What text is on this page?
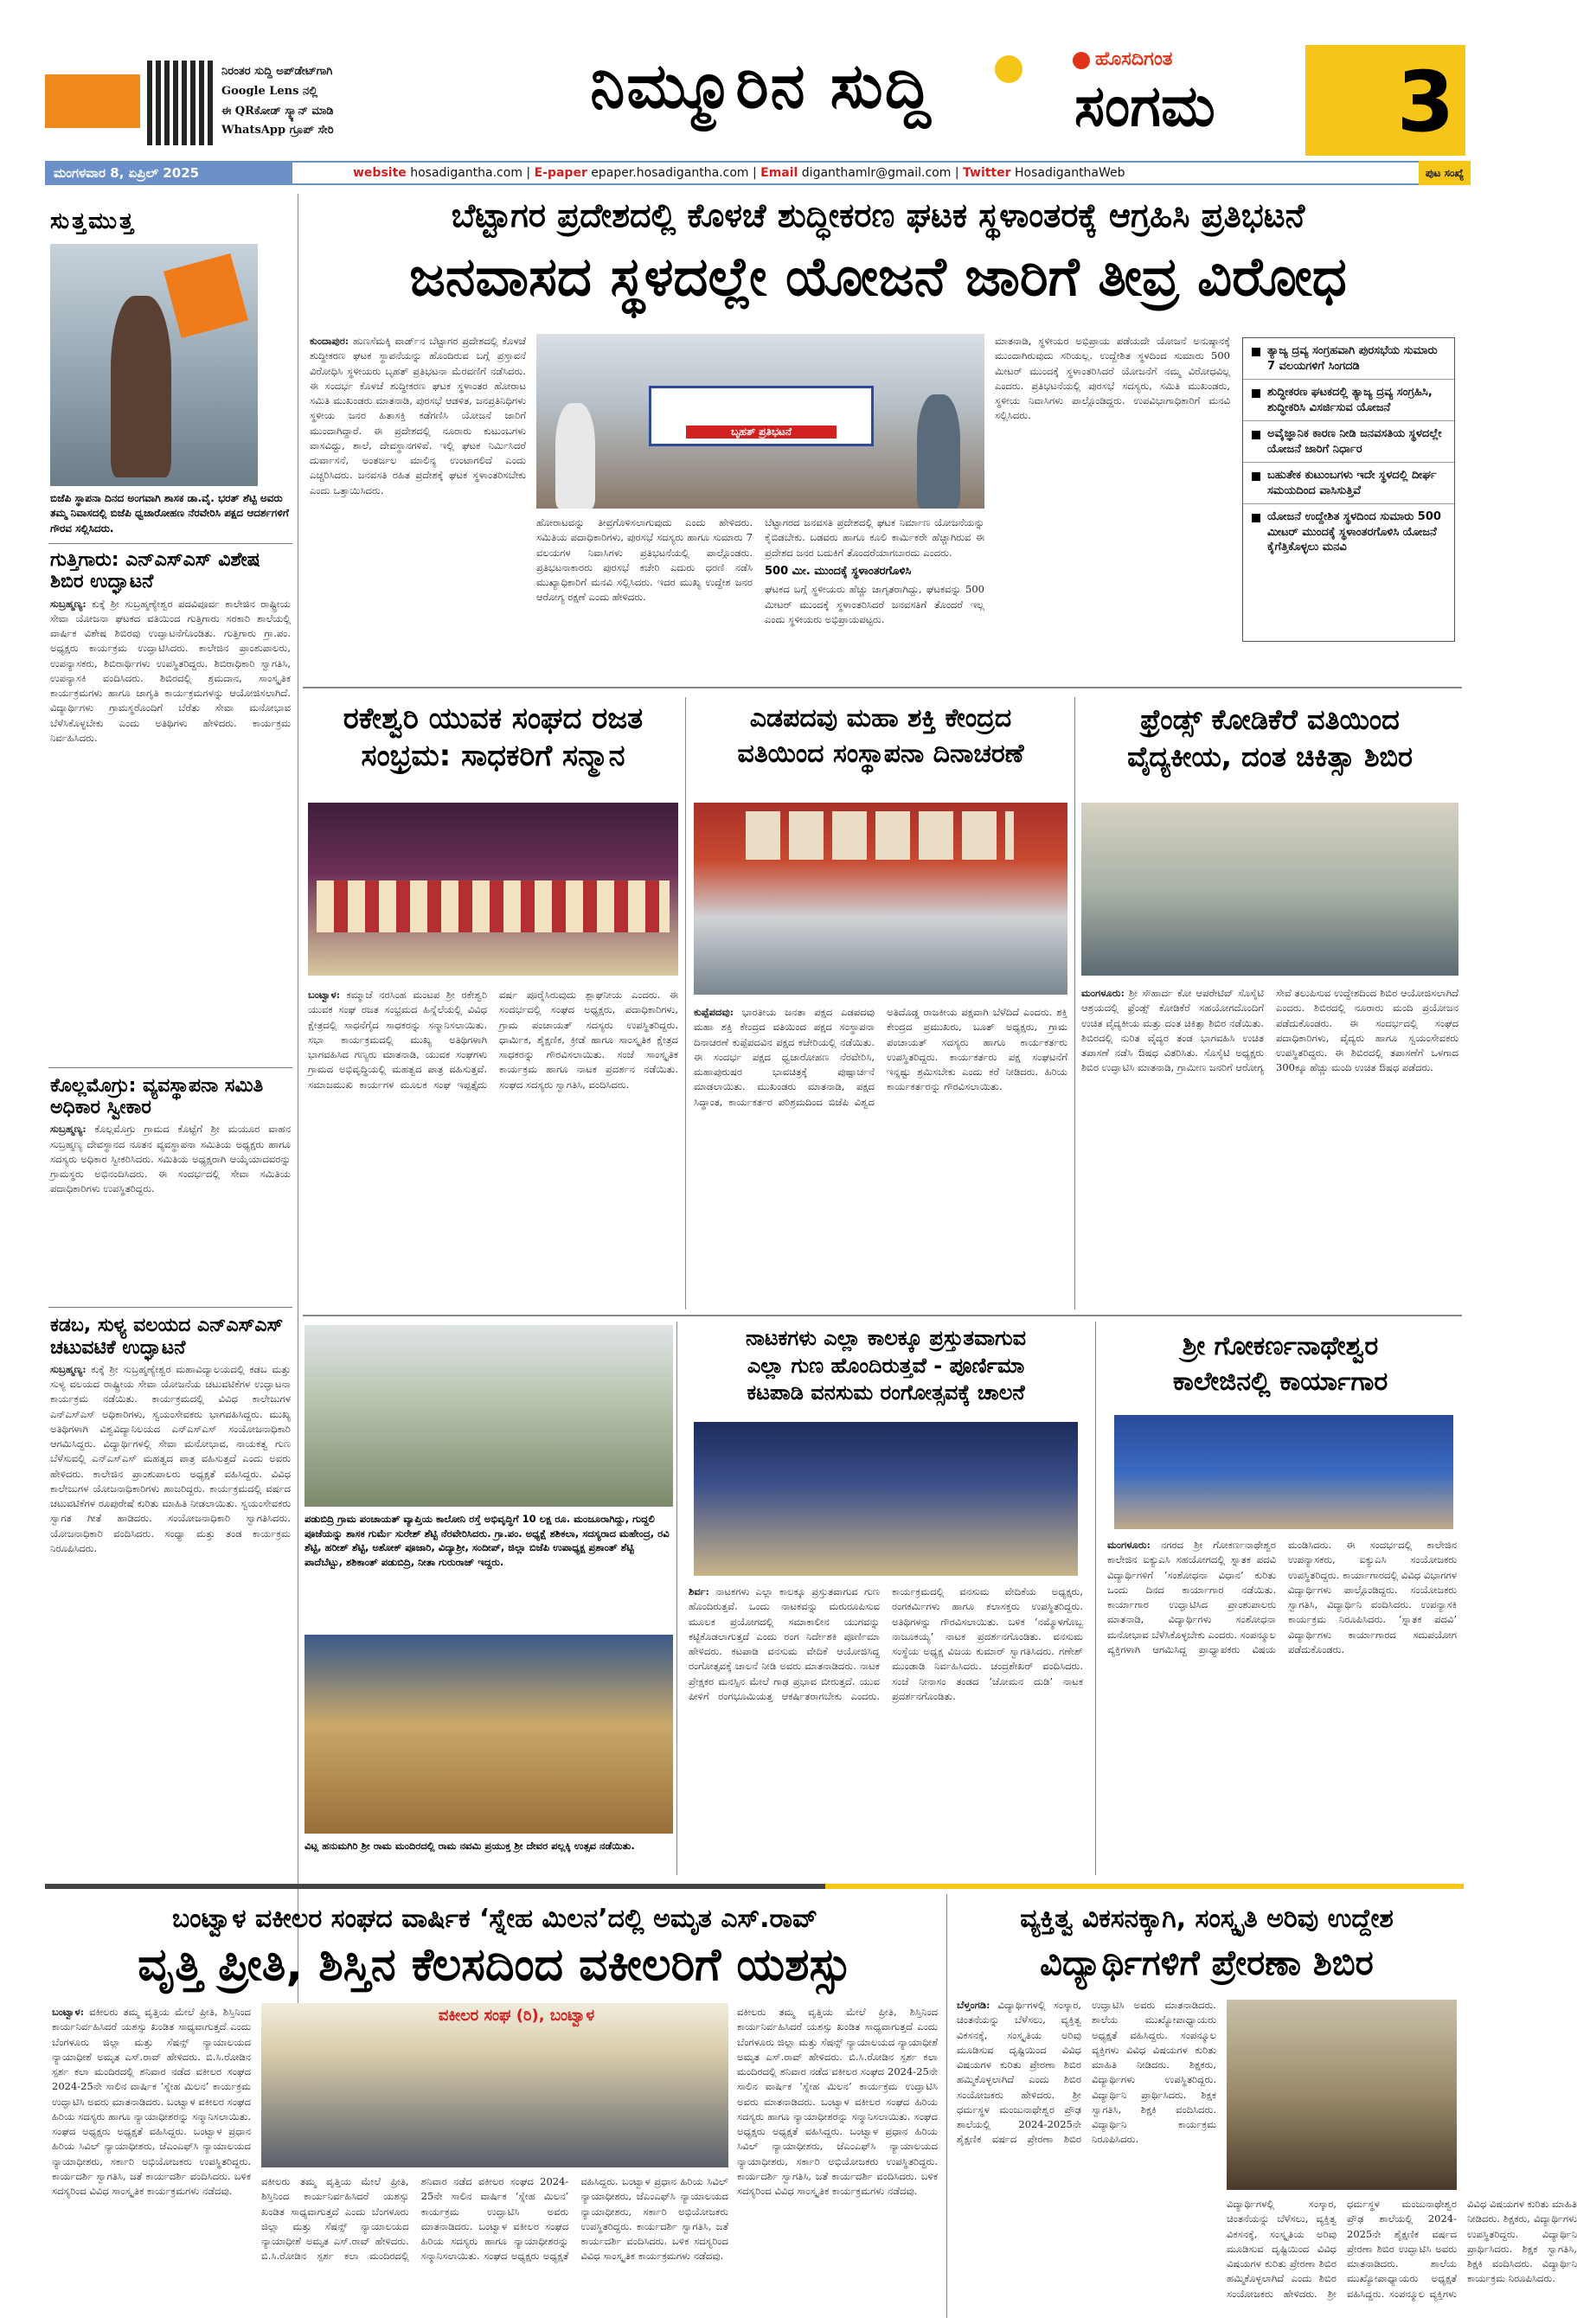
ನಿರಂತರ ಸುದ್ದಿ ಅಪ್‌ಡೇಟ್‌ಗಾಗಿ
Google Lens ನಲ್ಲಿ
ಈ QRಕೋಡ್ ಸ್ಕ್ಯಾನ್ ಮಾಡಿ
WhatsApp ಗ್ರೂಪ್ ಸೇರಿ
ನಿಮ್ಮೂರಿನ ಸುದ್ದಿ	ಹೊಸದಿಗಂತ
ಸಂಗಮ 3
ಮಂಗಳವಾರ 8, ಏಪ್ರಿಲ್ 2025	website hosadigantha.com | E-paper epaper.hosadigantha.com | Email diganthamlr@gmail.com | Twitter HosadiganthaWeb	ಪುಟ ಸಂಖ್ಯೆ
ಸುತ್ತಮುತ್ತ
ಬಿಜೆಪಿ ಸ್ಥಾಪನಾ ದಿನದ ಅಂಗವಾಗಿ ಶಾಸಕ ಡಾ.ವೈ. ಭರತ್ ಶೆಟ್ಟಿ ಅವರು ತಮ್ಮ ನಿವಾಸದಲ್ಲಿ ಬಿಜೆಪಿ ಧ್ವಜಾರೋಹಣ ನೆರವೇರಿಸಿ ಪಕ್ಷದ ಆದರ್ಶಗಳಿಗೆ ಗೌರವ ಸಲ್ಲಿಸಿದರು.
ಗುತ್ತಿಗಾರು: ಎನ್ಎಸ್ಎಸ್ ವಿಶೇಷ ಶಿಬಿರ ಉದ್ಘಾಟನೆ
ಸುಬ್ರಹ್ಮಣ್ಯ: ಕುಕ್ಕೆ ಶ್ರೀ ಸುಬ್ರಹ್ಮಣ್ಯೇಶ್ವರ ಪದವಿಪೂರ್ವ ಕಾಲೇಜಿನ ರಾಷ್ಟ್ರೀಯ ಸೇವಾ ಯೋಜನಾ ಘಟಕದ ವತಿಯಿಂದ ಗುತ್ತಿಗಾರು ಸರಕಾರಿ ಶಾಲೆಯಲ್ಲಿ ವಾರ್ಷಿಕ ವಿಶೇಷ ಶಿಬಿರವು ಉದ್ಘಾಟನೆಗೊಂಡಿತು. ಗುತ್ತಿಗಾರು ಗ್ರಾ.ಪಂ. ಅಧ್ಯಕ್ಷರು ಕಾರ್ಯಕ್ರಮ ಉದ್ಘಾಟಿಸಿದರು. ಕಾಲೇಜಿನ ಪ್ರಾಂಶುಪಾಲರು, ಉಪನ್ಯಾಸಕರು, ಶಿಬಿರಾರ್ಥಿಗಳು ಉಪಸ್ಥಿತರಿದ್ದರು. ಶಿಬಿರಾಧಿಕಾರಿ ಸ್ವಾಗತಿಸಿ, ಉಪನ್ಯಾಸಕಿ ವಂದಿಸಿದರು. ಶಿಬಿರದಲ್ಲಿ ಶ್ರಮದಾನ, ಸಾಂಸ್ಕೃತಿಕ ಕಾರ್ಯಕ್ರಮಗಳು ಹಾಗೂ ಜಾಗೃತಿ ಕಾರ್ಯಕ್ರಮಗಳನ್ನು ಆಯೋಜಿಸಲಾಗಿದೆ. ವಿದ್ಯಾರ್ಥಿಗಳು ಗ್ರಾಮಸ್ಥರೊಂದಿಗೆ ಬೆರೆತು ಸೇವಾ ಮನೋಭಾವ ಬೆಳೆಸಿಕೊಳ್ಳಬೇಕು ಎಂದು ಅತಿಥಿಗಳು ಹೇಳಿದರು. ಕಾರ್ಯಕ್ರಮ ನಿರ್ವಹಿಸಿದರು.
ಕೊಲ್ಲಮೊಗ್ರು: ವ್ಯವಸ್ಥಾಪನಾ ಸಮಿತಿ ಅಧಿಕಾರ ಸ್ವೀಕಾರ
ಸುಬ್ರಹ್ಮಣ್ಯ: ಕೊಲ್ಲಮೊಗ್ರು ಗ್ರಾಮದ ಕೊಟ್ಟೆಗೆ ಶ್ರೀ ಮಯೂರ ವಾಹನ ಸುಬ್ರಹ್ಮಣ್ಯ ದೇವಸ್ಥಾನದ ನೂತನ ವ್ಯವಸ್ಥಾಪನಾ ಸಮಿತಿಯ ಅಧ್ಯಕ್ಷರು ಹಾಗೂ ಸದಸ್ಯರು ಅಧಿಕಾರ ಸ್ವೀಕರಿಸಿದರು. ಸಮಿತಿಯ ಅಧ್ಯಕ್ಷರಾಗಿ ಆಯ್ಕೆಯಾದವರನ್ನು ಗ್ರಾಮಸ್ಥರು ಅಭಿನಂದಿಸಿದರು. ಈ ಸಂದರ್ಭದಲ್ಲಿ ಸೇವಾ ಸಮಿತಿಯ ಪದಾಧಿಕಾರಿಗಳು ಉಪಸ್ಥಿತರಿದ್ದರು.
ಕಡಬ, ಸುಳ್ಯ ವಲಯದ ಎನ್ಎಸ್ಎಸ್ ಚಟುವಟಿಕೆ ಉದ್ಘಾಟನೆ
ಸುಬ್ರಹ್ಮಣ್ಯ: ಕುಕ್ಕೆ ಶ್ರೀ ಸುಬ್ರಹ್ಮಣ್ಯೇಶ್ವರ ಮಹಾವಿದ್ಯಾಲಯದಲ್ಲಿ ಕಡಬ ಮತ್ತು ಸುಳ್ಯ ವಲಯದ ರಾಷ್ಟ್ರೀಯ ಸೇವಾ ಯೋಜನೆಯ ಚಟುವಟಿಕೆಗಳ ಉದ್ಘಾಟನಾ ಕಾರ್ಯಕ್ರಮ ನಡೆಯಿತು. ಕಾರ್ಯಕ್ರಮದಲ್ಲಿ ವಿವಿಧ ಕಾಲೇಜುಗಳ ಎನ್ಎಸ್ಎಸ್ ಅಧಿಕಾರಿಗಳು, ಸ್ವಯಂಸೇವಕರು ಭಾಗವಹಿಸಿದ್ದರು. ಮುಖ್ಯ ಅತಿಥಿಗಳಾಗಿ ವಿಶ್ವವಿದ್ಯಾನಿಲಯದ ಎನ್ಎಸ್ಎಸ್ ಸಂಯೋಜನಾಧಿಕಾರಿ ಆಗಮಿಸಿದ್ದರು. ವಿದ್ಯಾರ್ಥಿಗಳಲ್ಲಿ ಸೇವಾ ಮನೋಭಾವ, ನಾಯಕತ್ವ ಗುಣ ಬೆಳೆಸುವಲ್ಲಿ ಎನ್ಎಸ್ಎಸ್ ಮಹತ್ವದ ಪಾತ್ರ ವಹಿಸುತ್ತದೆ ಎಂದು ಅವರು ಹೇಳಿದರು. ಕಾಲೇಜಿನ ಪ್ರಾಂಶುಪಾಲರು ಅಧ್ಯಕ್ಷತೆ ವಹಿಸಿದ್ದರು. ವಿವಿಧ ಕಾಲೇಜುಗಳ ಯೋಜನಾಧಿಕಾರಿಗಳು ಹಾಜರಿದ್ದರು. ಕಾರ್ಯಕ್ರಮದಲ್ಲಿ ವರ್ಷದ ಚಟುವಟಿಕೆಗಳ ರೂಪುರೇಷೆ ಕುರಿತು ಮಾಹಿತಿ ನೀಡಲಾಯಿತು. ಸ್ವಯಂಸೇವಕರು ಸ್ವಾಗತ ಗೀತೆ ಹಾಡಿದರು. ಸಂಯೋಜನಾಧಿಕಾರಿ ಸ್ವಾಗತಿಸಿದರು. ಯೋಜನಾಧಿಕಾರಿ ವಂದಿಸಿದರು. ಸಂಧ್ಯಾ ಮತ್ತು ತಂಡ ಕಾರ್ಯಕ್ರಮ ನಿರೂಪಿಸಿದರು.
ಬೆಟ್ಟಾಗರ ಪ್ರದೇಶದಲ್ಲಿ ಕೊಳಚೆ ಶುದ್ಧೀಕರಣ ಘಟಕ ಸ್ಥಳಾಂತರಕ್ಕೆ ಆಗ್ರಹಿಸಿ ಪ್ರತಿಭಟನೆ
ಜನವಾಸದ ಸ್ಥಳದಲ್ಲೇ ಯೋಜನೆ ಜಾರಿಗೆ ತೀವ್ರ ವಿರೋಧ
ಕುಂದಾಪುರ: ಹುಣಸೆಮಕ್ಕಿ ವಾರ್ಡ್‌ನ ಬೆಟ್ಟಾಗರ ಪ್ರದೇಶದಲ್ಲಿ ಕೊಳಚೆ ಶುದ್ಧೀಕರಣ ಘಟಕ ಸ್ಥಾಪನೆಯನ್ನು ಹೊಂದಿರುವ ಬಗ್ಗೆ ಪ್ರಸ್ತಾವನೆ ವಿರೋಧಿಸಿ ಸ್ಥಳೀಯರು ಬೃಹತ್ ಪ್ರತಿಭಟನಾ ಮೆರವಣಿಗೆ ನಡೆಸಿದರು. ಈ ಸಂದರ್ಭ ಕೊಳಚೆ ಶುದ್ಧೀಕರಣ ಘಟಕ ಸ್ಥಳಾಂತರ ಹೋರಾಟ ಸಮಿತಿ ಮುಖಂಡರು ಮಾತನಾಡಿ, ಪುರಸಭೆ ಆಡಳಿತ, ಜನಪ್ರತಿನಿಧಿಗಳು ಸ್ಥಳೀಯ ಜನರ ಹಿತಾಸಕ್ತಿ ಕಡೆಗಣಿಸಿ ಯೋಜನೆ ಜಾರಿಗೆ ಮುಂದಾಗಿದ್ದಾರೆ. ಈ ಪ್ರದೇಶದಲ್ಲಿ ನೂರಾರು ಕುಟುಂಬಗಳು ವಾಸವಿದ್ದು, ಶಾಲೆ, ದೇವಸ್ಥಾನಗಳಿವೆ. ಇಲ್ಲಿ ಘಟಕ ನಿರ್ಮಿಸಿದರೆ ದುರ್ವಾಸನೆ, ಅಂತರ್ಜಲ ಮಾಲಿನ್ಯ ಉಂಟಾಗಲಿದೆ ಎಂದು ಎಚ್ಚರಿಸಿದರು. ಜನವಸತಿ ರಹಿತ ಪ್ರದೇಶಕ್ಕೆ ಘಟಕ ಸ್ಥಳಾಂತರಿಸಬೇಕು ಎಂದು ಒತ್ತಾಯಿಸಿದರು.
ಬೃಹತ್ ಪ್ರತಿಭಟನೆ
ಹೋರಾಟವನ್ನು ತೀವ್ರಗೊಳಿಸಲಾಗುವುದು ಎಂದು ಹೇಳಿದರು. ಸಮಿತಿಯ ಪದಾಧಿಕಾರಿಗಳು, ಪುರಸಭೆ ಸದಸ್ಯರು ಹಾಗೂ ಸುಮಾರು 7 ವಲಯಗಳ ನಿವಾಸಿಗಳು ಪ್ರತಿಭಟನೆಯಲ್ಲಿ ಪಾಲ್ಗೊಂಡರು. ಪ್ರತಿಭಟನಾಕಾರರು ಪುರಸಭೆ ಕಚೇರಿ ಎದುರು ಧರಣಿ ನಡೆಸಿ ಮುಖ್ಯಾಧಿಕಾರಿಗೆ ಮನವಿ ಸಲ್ಲಿಸಿದರು. ಇದರ ಮುಖ್ಯ ಉದ್ದೇಶ ಜನರ ಆರೋಗ್ಯ ರಕ್ಷಣೆ ಎಂದು ಹೇಳಿದರು.
ಬೆಟ್ಟಾಗರದ ಜನವಸತಿ ಪ್ರದೇಶದಲ್ಲಿ ಘಟಕ ನಿರ್ಮಾಣ ಯೋಜನೆಯನ್ನು ಕೈಬಿಡಬೇಕು. ಬಡವರು ಹಾಗೂ ಕೂಲಿ ಕಾರ್ಮಿಕರೇ ಹೆಚ್ಚಾಗಿರುವ ಈ ಪ್ರದೇಶದ ಜನರ ಬದುಕಿಗೆ ತೊಂದರೆಯಾಗಬಾರದು ಎಂದರು.
500 ಮೀ. ಮುಂದಕ್ಕೆ ಸ್ಥಳಾಂತರಗೊಳಿಸಿ
ಘಟಕದ ಬಗ್ಗೆ ಸ್ಥಳೀಯರು ಹೆಚ್ಚು ಜಾಗೃತರಾಗಿದ್ದು, ಘಟಕವನ್ನು 500 ಮೀಟರ್ ಮುಂದಕ್ಕೆ ಸ್ಥಳಾಂತರಿಸಿದರೆ ಜನವಸತಿಗೆ ತೊಂದರೆ ಇಲ್ಲ ಎಂದು ಸ್ಥಳೀಯರು ಅಭಿಪ್ರಾಯಪಟ್ಟರು.
ಮಾತನಾಡಿ, ಸ್ಥಳೀಯರ ಅಭಿಪ್ರಾಯ ಪಡೆಯದೇ ಯೋಜನೆ ಅನುಷ್ಠಾನಕ್ಕೆ ಮುಂದಾಗಿರುವುದು ಸರಿಯಲ್ಲ. ಉದ್ದೇಶಿತ ಸ್ಥಳದಿಂದ ಸುಮಾರು 500 ಮೀಟರ್ ಮುಂದಕ್ಕೆ ಸ್ಥಳಾಂತರಿಸಿದರೆ ಯೋಜನೆಗೆ ನಮ್ಮ ವಿರೋಧವಿಲ್ಲ ಎಂದರು. ಪ್ರತಿಭಟನೆಯಲ್ಲಿ ಪುರಸಭೆ ಸದಸ್ಯರು, ಸಮಿತಿ ಮುಖಂಡರು, ಸ್ಥಳೀಯ ನಿವಾಸಿಗಳು ಪಾಲ್ಗೊಂಡಿದ್ದರು. ಉಪವಿಭಾಗಾಧಿಕಾರಿಗೆ ಮನವಿ ಸಲ್ಲಿಸಿದರು.
ತ್ಯಾಜ್ಯ ದ್ರವ್ಯ ಸಂಗ್ರಹವಾಗಿ ಪುರಸಭೆಯ ಸುಮಾರು 7 ವಲಯಗಳಿಗೆ ಸಿಂಗದಡಿ
ಶುದ್ಧೀಕರಣ ಘಟಕದಲ್ಲಿ ತ್ಯಾಜ್ಯ ದ್ರವ್ಯ ಸಂಗ್ರಹಿಸಿ, ಶುದ್ಧೀಕರಿಸಿ ವಿಸರ್ಜಿಸುವ ಯೋಜನೆ
ಅವೈಜ್ಞಾನಿಕ ಕಾರಣ ನೀಡಿ ಜನವಸತಿಯ ಸ್ಥಳದಲ್ಲೇ ಯೋಜನೆ ಜಾರಿಗೆ ನಿರ್ಧಾರ
ಬಹುತೇಕ ಕುಟುಂಬಗಳು ಇದೇ ಸ್ಥಳದಲ್ಲಿ ದೀರ್ಘ ಸಮಯದಿಂದ ವಾಸಿಸುತ್ತಿವೆ
ಯೋಜನೆ ಉದ್ದೇಶಿತ ಸ್ಥಳದಿಂದ ಸುಮಾರು 500 ಮೀಟರ್ ಮುಂದಕ್ಕೆ ಸ್ಥಳಾಂತರಗೊಳಿಸಿ ಯೋಜನೆ ಕೈಗೆತ್ತಿಕೊಳ್ಳಲು ಮನವಿ
ರಕೇಶ್ವರಿ ಯುವಕ ಸಂಘದ ರಜತ
ಸಂಭ್ರಮ: ಸಾಧಕರಿಗೆ ಸನ್ಮಾನ
ಬಂಟ್ವಾಳ: ಕಮ್ಮಾಜೆ ನರಸಿಂಹ ಮಂಟಪ ಶ್ರೀ ರಕೇಶ್ವರಿ ಯುವಕ ಸಂಘ ರಜತ ಸಂಭ್ರಮದ ಹಿನ್ನೆಲೆಯಲ್ಲಿ ವಿವಿಧ ಕ್ಷೇತ್ರದಲ್ಲಿ ಸಾಧನೆಗೈದ ಸಾಧಕರನ್ನು ಸನ್ಮಾನಿಸಲಾಯಿತು. ಸಭಾ ಕಾರ್ಯಕ್ರಮದಲ್ಲಿ ಮುಖ್ಯ ಅತಿಥಿಗಳಾಗಿ ಭಾಗವಹಿಸಿದ ಗಣ್ಯರು ಮಾತನಾಡಿ, ಯುವಕ ಸಂಘಗಳು ಗ್ರಾಮದ ಅಭಿವೃದ್ಧಿಯಲ್ಲಿ ಮಹತ್ವದ ಪಾತ್ರ ವಹಿಸುತ್ತವೆ. ಸಮಾಜಮುಖಿ ಕಾರ್ಯಗಳ ಮೂಲಕ ಸಂಘ ಇಪ್ಪತ್ತೈದು ವರ್ಷ ಪೂರೈಸಿರುವುದು ಶ್ಲಾಘನೀಯ ಎಂದರು. ಈ ಸಂದರ್ಭದಲ್ಲಿ ಸಂಘದ ಅಧ್ಯಕ್ಷರು, ಪದಾಧಿಕಾರಿಗಳು, ಗ್ರಾಮ ಪಂಚಾಯತ್ ಸದಸ್ಯರು ಉಪಸ್ಥಿತರಿದ್ದರು. ಧಾರ್ಮಿಕ, ಶೈಕ್ಷಣಿಕ, ಕ್ರೀಡೆ ಹಾಗೂ ಸಾಂಸ್ಕೃತಿಕ ಕ್ಷೇತ್ರದ ಸಾಧಕರನ್ನು ಗೌರವಿಸಲಾಯಿತು. ಸಂಜೆ ಸಾಂಸ್ಕೃತಿಕ ಕಾರ್ಯಕ್ರಮ ಹಾಗೂ ನಾಟಕ ಪ್ರದರ್ಶನ ನಡೆಯಿತು. ಸಂಘದ ಸದಸ್ಯರು ಸ್ವಾಗತಿಸಿ, ವಂದಿಸಿದರು.
ಎಡಪದವು ಮಹಾ ಶಕ್ತಿ ಕೇಂದ್ರದ
ವತಿಯಿಂದ ಸಂಸ್ಥಾಪನಾ ದಿನಾಚರಣೆ
ಕುಪ್ಪೆಪದವು: ಭಾರತೀಯ ಜನತಾ ಪಕ್ಷದ ಎಡಪದವು ಮಹಾ ಶಕ್ತಿ ಕೇಂದ್ರದ ವತಿಯಿಂದ ಪಕ್ಷದ ಸಂಸ್ಥಾಪನಾ ದಿನಾಚರಣೆ ಕುಪ್ಪೆಪದವಿನ ಪಕ್ಷದ ಕಚೇರಿಯಲ್ಲಿ ನಡೆಯಿತು. ಈ ಸಂದರ್ಭ ಪಕ್ಷದ ಧ್ವಜಾರೋಹಣ ನೆರವೇರಿಸಿ, ಮಹಾಪುರುಷರ ಭಾವಚಿತ್ರಕ್ಕೆ ಪುಷ್ಪಾರ್ಚನೆ ಮಾಡಲಾಯಿತು. ಮುಖಂಡರು ಮಾತನಾಡಿ, ಪಕ್ಷದ ಸಿದ್ಧಾಂತ, ಕಾರ್ಯಕರ್ತರ ಪರಿಶ್ರಮದಿಂದ ಬಿಜೆಪಿ ವಿಶ್ವದ ಅತಿದೊಡ್ಡ ರಾಜಕೀಯ ಪಕ್ಷವಾಗಿ ಬೆಳೆದಿದೆ ಎಂದರು. ಶಕ್ತಿ ಕೇಂದ್ರದ ಪ್ರಮುಖರು, ಬೂತ್ ಅಧ್ಯಕ್ಷರು, ಗ್ರಾಮ ಪಂಚಾಯತ್ ಸದಸ್ಯರು ಹಾಗೂ ಕಾರ್ಯಕರ್ತರು ಉಪಸ್ಥಿತರಿದ್ದರು. ಕಾರ್ಯಕರ್ತರು ಪಕ್ಷ ಸಂಘಟನೆಗೆ ಇನ್ನಷ್ಟು ಶ್ರಮಿಸಬೇಕು ಎಂದು ಕರೆ ನೀಡಿದರು. ಹಿರಿಯ ಕಾರ್ಯಕರ್ತರನ್ನು ಗೌರವಿಸಲಾಯಿತು.
ಫ್ರೆಂಡ್ಸ್ ಕೋಡಿಕೆರೆ ವತಿಯಿಂದ
ವೈದ್ಯಕೀಯ, ದಂತ ಚಿಕಿತ್ಸಾ ಶಿಬಿರ
ಮಂಗಳೂರು: ಶ್ರೀ ಸೌಹಾರ್ದ ಕೋ ಆಪರೇಟಿವ್ ಸೊಸೈಟಿ ಆಶ್ರಯದಲ್ಲಿ ಫ್ರೆಂಡ್ಸ್ ಕೋಡಿಕೆರೆ ಸಹಯೋಗದೊಂದಿಗೆ ಉಚಿತ ವೈದ್ಯಕೀಯ ಮತ್ತು ದಂತ ಚಿಕಿತ್ಸಾ ಶಿಬಿರ ನಡೆಯಿತು. ಶಿಬಿರದಲ್ಲಿ ನುರಿತ ವೈದ್ಯರ ತಂಡ ಭಾಗವಹಿಸಿ ಉಚಿತ ತಪಾಸಣೆ ನಡೆಸಿ ಔಷಧ ವಿತರಿಸಿತು. ಸೊಸೈಟಿ ಅಧ್ಯಕ್ಷರು ಶಿಬಿರ ಉದ್ಘಾಟಿಸಿ ಮಾತನಾಡಿ, ಗ್ರಾಮೀಣ ಜನರಿಗೆ ಆರೋಗ್ಯ ಸೇವೆ ತಲುಪಿಸುವ ಉದ್ದೇಶದಿಂದ ಶಿಬಿರ ಆಯೋಜಿಸಲಾಗಿದೆ ಎಂದರು. ಶಿಬಿರದಲ್ಲಿ ನೂರಾರು ಮಂದಿ ಪ್ರಯೋಜನ ಪಡೆದುಕೊಂಡರು. ಈ ಸಂದರ್ಭದಲ್ಲಿ ಸಂಘದ ಪದಾಧಿಕಾರಿಗಳು, ವೈದ್ಯರು ಹಾಗೂ ಸ್ವಯಂಸೇವಕರು ಉಪಸ್ಥಿತರಿದ್ದರು. ಈ ಶಿಬಿರದಲ್ಲಿ ತಪಾಸಣೆಗೆ ಒಳಗಾದ 300ಕ್ಕೂ ಹೆಚ್ಚು ಮಂದಿ ಉಚಿತ ಔಷಧ ಪಡೆದರು.
ಪಡುಬಿದ್ರಿ ಗ್ರಾಮ ಪಂಚಾಯತ್ ವ್ಯಾಪ್ತಿಯ ಕಾಲೋನಿ ರಸ್ತೆ ಅಭಿವೃದ್ಧಿಗೆ 10 ಲಕ್ಷ ರೂ. ಮಂಜೂರಾಗಿದ್ದು, ಗುದ್ದಲಿ ಪೂಜೆಯನ್ನು ಶಾಸಕ ಗುರ್ಮೆ ಸುರೇಶ್ ಶೆಟ್ಟಿ ನೆರವೇರಿಸಿದರು. ಗ್ರಾ.ಪಂ. ಅಧ್ಯಕ್ಷೆ ಶಶಿಕಲಾ, ಸದಸ್ಯರಾದ ಮಹೇಂದ್ರ, ರವಿ ಶೆಟ್ಟಿ, ಹರೀಶ್ ಶೆಟ್ಟಿ, ಅಶೋಕ್ ಪೂಜಾರಿ, ವಿದ್ಯಾಶ್ರೀ, ಸಂದೀಪ್, ಜಿಲ್ಲಾ ಬಿಜೆಪಿ ಉಪಾಧ್ಯಕ್ಷ ಪ್ರಶಾಂತ್ ಶೆಟ್ಟಿ ಪಾದೆಬೆಟ್ಟು, ಶಶಿಕಾಂತ್ ಪಡುಬಿದ್ರಿ, ನೀತಾ ಗುರುರಾಜ್ ಇದ್ದರು.
ವಿಟ್ಲ ಹನುಮಗಿರಿ ಶ್ರೀ ರಾಮ ಮಂದಿರದಲ್ಲಿ ರಾಮ ನವಮಿ ಪ್ರಯುಕ್ತ ಶ್ರೀ ದೇವರ ಪಲ್ಲಕ್ಕಿ ಉತ್ಸವ ನಡೆಯಿತು.
ನಾಟಕಗಳು ಎಲ್ಲಾ ಕಾಲಕ್ಕೂ ಪ್ರಸ್ತುತವಾಗುವ
ಎಲ್ಲಾ ಗುಣ ಹೊಂದಿರುತ್ತವೆ - ಪೂರ್ಣಿಮಾ
ಕಟಪಾಡಿ ವನಸುಮ ರಂಗೋತ್ಸವಕ್ಕೆ ಚಾಲನೆ
ಶಿರ್ವ: ನಾಟಕಗಳು ಎಲ್ಲಾ ಕಾಲಕ್ಕೂ ಪ್ರಸ್ತುತವಾಗುವ ಗುಣ ಹೊಂದಿರುತ್ತವೆ. ಒಂದು ನಾಟಕವನ್ನು ಮರುರೂಪಿಸುವ ಮೂಲಕ ಪ್ರಯೋಗದಲ್ಲಿ ಸಮಾಕಾಲೀನ ಯುಗವನ್ನು ಕಟ್ಟಿಕೊಡಲಾಗುತ್ತದೆ ಎಂದು ರಂಗ ನಿರ್ದೇಶಕಿ ಪೂರ್ಣಿಮಾ ಹೇಳಿದರು. ಕಟಪಾಡಿ ವನಸುಮ ವೇದಿಕೆ ಆಯೋಜಿಸಿದ್ದ ರಂಗೋತ್ಸವಕ್ಕೆ ಚಾಲನೆ ನೀಡಿ ಅವರು ಮಾತನಾಡಿದರು. ನಾಟಕ ಪ್ರೇಕ್ಷಕರ ಮನಸ್ಸಿನ ಮೇಲೆ ಗಾಢ ಪ್ರಭಾವ ಬೀರುತ್ತದೆ. ಯುವ ಪೀಳಿಗೆ ರಂಗಭೂಮಿಯತ್ತ ಆಕರ್ಷಿತರಾಗಬೇಕು ಎಂದರು. ಕಾರ್ಯಕ್ರಮದಲ್ಲಿ ವನಸುಮ ವೇದಿಕೆಯ ಅಧ್ಯಕ್ಷರು, ರಂಗಕರ್ಮಿಗಳು ಹಾಗೂ ಕಲಾಸಕ್ತರು ಉಪಸ್ಥಿತರಿದ್ದರು. ಅತಿಥಿಗಳನ್ನು ಗೌರವಿಸಲಾಯಿತು. ಬಳಿಕ ‘ನಮ್ಮೊಳಗೊಬ್ಬ ನಾಜೂಕಯ್ಯ’ ನಾಟಕ ಪ್ರದರ್ಶನಗೊಂಡಿತು. ವನಸುಮ ಸಂಸ್ಥೆಯ ಅಧ್ಯಕ್ಷ ವಿಜಯ ಕುಮಾರ್ ಸ್ವಾಗತಿಸಿದರು. ಗಣೇಶ್ ಮುಂಡಾಡಿ ನಿರ್ವಹಿಸಿದರು. ಚಂದ್ರಶೇಖರ್ ವಂದಿಸಿದರು. ಸಂಜೆ ನೀನಾಸಂ ತಂಡದ ‘ಚೋಮನ ದುಡಿ’ ನಾಟಕ ಪ್ರದರ್ಶನಗೊಂಡಿತು.
ಶ್ರೀ ಗೋಕರ್ಣನಾಥೇಶ್ವರ
ಕಾಲೇಜಿನಲ್ಲಿ ಕಾರ್ಯಾಗಾರ
ಮಂಗಳೂರು: ನಗರದ ಶ್ರೀ ಗೋಕರ್ಣನಾಥೇಶ್ವರ ಕಾಲೇಜಿನ ಐಕ್ಯುಎಸಿ ಸಹಯೋಗದಲ್ಲಿ ಸ್ನಾತಕ ಪದವಿ ವಿದ್ಯಾರ್ಥಿಗಳಿಗೆ ‘ಸಂಶೋಧನಾ ವಿಧಾನ’ ಕುರಿತು ಒಂದು ದಿನದ ಕಾರ್ಯಾಗಾರ ನಡೆಯಿತು. ಕಾರ್ಯಾಗಾರ ಉದ್ಘಾಟಿಸಿದ ಪ್ರಾಂಶುಪಾಲರು ಮಾತನಾಡಿ, ವಿದ್ಯಾರ್ಥಿಗಳು ಸಂಶೋಧನಾ ಮನೋಭಾವ ಬೆಳೆಸಿಕೊಳ್ಳಬೇಕು ಎಂದರು. ಸಂಪನ್ಮೂಲ ವ್ಯಕ್ತಿಗಳಾಗಿ ಆಗಮಿಸಿದ್ದ ಪ್ರಾಧ್ಯಾಪಕರು ವಿಷಯ ಮಂಡಿಸಿದರು. ಈ ಸಂದರ್ಭದಲ್ಲಿ ಕಾಲೇಜಿನ ಉಪನ್ಯಾಸಕರು, ಐಕ್ಯುಎಸಿ ಸಂಯೋಜಕರು ಉಪಸ್ಥಿತರಿದ್ದರು. ಕಾರ್ಯಾಗಾರದಲ್ಲಿ ವಿವಿಧ ವಿಭಾಗಗಳ ವಿದ್ಯಾರ್ಥಿಗಳು ಪಾಲ್ಗೊಂಡಿದ್ದರು. ಸಂಯೋಜಕರು ಸ್ವಾಗತಿಸಿ, ವಿದ್ಯಾರ್ಥಿನಿ ವಂದಿಸಿದರು. ಉಪನ್ಯಾಸಕಿ ಕಾರ್ಯಕ್ರಮ ನಿರೂಪಿಸಿದರು. ‘ಸ್ನಾತಕ ಪದವಿ’ ವಿದ್ಯಾರ್ಥಿಗಳು ಕಾರ್ಯಾಗಾರದ ಸದುಪಯೋಗ ಪಡೆದುಕೊಂಡರು.
ಬಂಟ್ವಾಳ ವಕೀಲರ ಸಂಘದ ವಾರ್ಷಿಕ ‘ಸ್ನೇಹ ಮಿಲನ’ದಲ್ಲಿ ಅಮೃತ ಎಸ್.ರಾವ್
ವೃತ್ತಿ ಪ್ರೀತಿ, ಶಿಸ್ತಿನ ಕೆಲಸದಿಂದ ವಕೀಲರಿಗೆ ಯಶಸ್ಸು
ಬಂಟ್ವಾಳ: ವಕೀಲರು ತಮ್ಮ ವೃತ್ತಿಯ ಮೇಲೆ ಪ್ರೀತಿ, ಶಿಸ್ತಿನಿಂದ ಕಾರ್ಯನಿರ್ವಹಿಸಿದರೆ ಯಶಸ್ಸು ಖಂಡಿತ ಸಾಧ್ಯವಾಗುತ್ತದೆ ಎಂದು ಬೆಂಗಳೂರು ಜಿಲ್ಲಾ ಮತ್ತು ಸೆಷನ್ಸ್ ನ್ಯಾಯಾಲಯದ ನ್ಯಾಯಾಧೀಶೆ ಅಮೃತ ಎಸ್.ರಾವ್ ಹೇಳಿದರು. ಬಿ.ಸಿ.ರೋಡಿನ ಸ್ಪರ್ಶ ಕಲಾ ಮಂದಿರದಲ್ಲಿ ಶನಿವಾರ ನಡೆದ ವಕೀಲರ ಸಂಘದ 2024-25ನೇ ಸಾಲಿನ ವಾರ್ಷಿಕ ‘ಸ್ನೇಹ ಮಿಲನ’ ಕಾರ್ಯಕ್ರಮ ಉದ್ಘಾಟಿಸಿ ಅವರು ಮಾತನಾಡಿದರು. ಬಂಟ್ವಾಳ ವಕೀಲರ ಸಂಘದ ಹಿರಿಯ ಸದಸ್ಯರು ಹಾಗೂ ನ್ಯಾಯಾಧೀಶರನ್ನು ಸನ್ಮಾನಿಸಲಾಯಿತು. ಸಂಘದ ಅಧ್ಯಕ್ಷರು ಅಧ್ಯಕ್ಷತೆ ವಹಿಸಿದ್ದರು. ಬಂಟ್ವಾಳ ಪ್ರಧಾನ ಹಿರಿಯ ಸಿವಿಲ್ ನ್ಯಾಯಾಧೀಶರು, ಜೆಎಂಎಫ್‌ಸಿ ನ್ಯಾಯಾಲಯದ ನ್ಯಾಯಾಧೀಶರು, ಸರ್ಕಾರಿ ಅಭಿಯೋಜಕರು ಉಪಸ್ಥಿತರಿದ್ದರು. ಕಾರ್ಯದರ್ಶಿ ಸ್ವಾಗತಿಸಿ, ಜತೆ ಕಾರ್ಯದರ್ಶಿ ವಂದಿಸಿದರು. ಬಳಿಕ ಸದಸ್ಯರಿಂದ ವಿವಿಧ ಸಾಂಸ್ಕೃತಿಕ ಕಾರ್ಯಕ್ರಮಗಳು ನಡೆದವು.
ವಕೀಲರ ಸಂಘ (ರಿ), ಬಂಟ್ವಾಳ
ವಕೀಲರು ತಮ್ಮ ವೃತ್ತಿಯ ಮೇಲೆ ಪ್ರೀತಿ, ಶಿಸ್ತಿನಿಂದ ಕಾರ್ಯನಿರ್ವಹಿಸಿದರೆ ಯಶಸ್ಸು ಖಂಡಿತ ಸಾಧ್ಯವಾಗುತ್ತದೆ ಎಂದು ಬೆಂಗಳೂರು ಜಿಲ್ಲಾ ಮತ್ತು ಸೆಷನ್ಸ್ ನ್ಯಾಯಾಲಯದ ನ್ಯಾಯಾಧೀಶೆ ಅಮೃತ ಎಸ್.ರಾವ್ ಹೇಳಿದರು. ಬಿ.ಸಿ.ರೋಡಿನ ಸ್ಪರ್ಶ ಕಲಾ ಮಂದಿರದಲ್ಲಿ ಶನಿವಾರ ನಡೆದ ವಕೀಲರ ಸಂಘದ 2024-25ನೇ ಸಾಲಿನ ವಾರ್ಷಿಕ ‘ಸ್ನೇಹ ಮಿಲನ’ ಕಾರ್ಯಕ್ರಮ ಉದ್ಘಾಟಿಸಿ ಅವರು ಮಾತನಾಡಿದರು. ಬಂಟ್ವಾಳ ವಕೀಲರ ಸಂಘದ ಹಿರಿಯ ಸದಸ್ಯರು ಹಾಗೂ ನ್ಯಾಯಾಧೀಶರನ್ನು ಸನ್ಮಾನಿಸಲಾಯಿತು. ಸಂಘದ ಅಧ್ಯಕ್ಷರು ಅಧ್ಯಕ್ಷತೆ ವಹಿಸಿದ್ದರು. ಬಂಟ್ವಾಳ ಪ್ರಧಾನ ಹಿರಿಯ ಸಿವಿಲ್ ನ್ಯಾಯಾಧೀಶರು, ಜೆಎಂಎಫ್‌ಸಿ ನ್ಯಾಯಾಲಯದ ನ್ಯಾಯಾಧೀಶರು, ಸರ್ಕಾರಿ ಅಭಿಯೋಜಕರು ಉಪಸ್ಥಿತರಿದ್ದರು. ಕಾರ್ಯದರ್ಶಿ ಸ್ವಾಗತಿಸಿ, ಜತೆ ಕಾರ್ಯದರ್ಶಿ ವಂದಿಸಿದರು. ಬಳಿಕ ಸದಸ್ಯರಿಂದ ವಿವಿಧ ಸಾಂಸ್ಕೃತಿಕ ಕಾರ್ಯಕ್ರಮಗಳು ನಡೆದವು.
ವಕೀಲರು ತಮ್ಮ ವೃತ್ತಿಯ ಮೇಲೆ ಪ್ರೀತಿ, ಶಿಸ್ತಿನಿಂದ ಕಾರ್ಯನಿರ್ವಹಿಸಿದರೆ ಯಶಸ್ಸು ಖಂಡಿತ ಸಾಧ್ಯವಾಗುತ್ತದೆ ಎಂದು ಬೆಂಗಳೂರು ಜಿಲ್ಲಾ ಮತ್ತು ಸೆಷನ್ಸ್ ನ್ಯಾಯಾಲಯದ ನ್ಯಾಯಾಧೀಶೆ ಅಮೃತ ಎಸ್.ರಾವ್ ಹೇಳಿದರು. ಬಿ.ಸಿ.ರೋಡಿನ ಸ್ಪರ್ಶ ಕಲಾ ಮಂದಿರದಲ್ಲಿ ಶನಿವಾರ ನಡೆದ ವಕೀಲರ ಸಂಘದ 2024-25ನೇ ಸಾಲಿನ ವಾರ್ಷಿಕ ‘ಸ್ನೇಹ ಮಿಲನ’ ಕಾರ್ಯಕ್ರಮ ಉದ್ಘಾಟಿಸಿ ಅವರು ಮಾತನಾಡಿದರು. ಬಂಟ್ವಾಳ ವಕೀಲರ ಸಂಘದ ಹಿರಿಯ ಸದಸ್ಯರು ಹಾಗೂ ನ್ಯಾಯಾಧೀಶರನ್ನು ಸನ್ಮಾನಿಸಲಾಯಿತು. ಸಂಘದ ಅಧ್ಯಕ್ಷರು ಅಧ್ಯಕ್ಷತೆ ವಹಿಸಿದ್ದರು. ಬಂಟ್ವಾಳ ಪ್ರಧಾನ ಹಿರಿಯ ಸಿವಿಲ್ ನ್ಯಾಯಾಧೀಶರು, ಜೆಎಂಎಫ್‌ಸಿ ನ್ಯಾಯಾಲಯದ ನ್ಯಾಯಾಧೀಶರು, ಸರ್ಕಾರಿ ಅಭಿಯೋಜಕರು ಉಪಸ್ಥಿತರಿದ್ದರು. ಕಾರ್ಯದರ್ಶಿ ಸ್ವಾಗತಿಸಿ, ಜತೆ ಕಾರ್ಯದರ್ಶಿ ವಂದಿಸಿದರು. ಬಳಿಕ ಸದಸ್ಯರಿಂದ ವಿವಿಧ ಸಾಂಸ್ಕೃತಿಕ ಕಾರ್ಯಕ್ರಮಗಳು ನಡೆದವು.
ವ್ಯಕ್ತಿತ್ವ ವಿಕಸನಕ್ಕಾಗಿ, ಸಂಸ್ಕೃತಿ ಅರಿವು ಉದ್ದೇಶ
ವಿದ್ಯಾರ್ಥಿಗಳಿಗೆ ಪ್ರೇರಣಾ ಶಿಬಿರ
ಬೆಳ್ತಂಗಡಿ: ವಿದ್ಯಾರ್ಥಿಗಳಲ್ಲಿ ಸಂಸ್ಕಾರ, ಚಿಂತನೆಯನ್ನು ಬೆಳೆಸಲು, ವ್ಯಕ್ತಿತ್ವ ವಿಕಸನಕ್ಕೆ, ಸಂಸ್ಕೃತಿಯ ಅರಿವು ಮೂಡಿಸುವ ದೃಷ್ಟಿಯಿಂದ ವಿವಿಧ ವಿಷಯಗಳ ಕುರಿತು ಪ್ರೇರಣಾ ಶಿಬಿರ ಹಮ್ಮಿಕೊಳ್ಳಲಾಗಿದೆ ಎಂದು ಶಿಬಿರ ಸಂಯೋಜಕರು ಹೇಳಿದರು. ಶ್ರೀ ಧರ್ಮಸ್ಥಳ ಮಂಜುನಾಥೇಶ್ವರ ಪ್ರೌಢ ಶಾಲೆಯಲ್ಲಿ 2024-2025ನೇ ಶೈಕ್ಷಣಿಕ ವರ್ಷದ ಪ್ರೇರಣಾ ಶಿಬಿರ ಉದ್ಘಾಟಿಸಿ ಅವರು ಮಾತನಾಡಿದರು. ಶಾಲೆಯ ಮುಖ್ಯೋಪಾಧ್ಯಾಯರು ಅಧ್ಯಕ್ಷತೆ ವಹಿಸಿದ್ದರು. ಸಂಪನ್ಮೂಲ ವ್ಯಕ್ತಿಗಳು ವಿವಿಧ ವಿಷಯಗಳ ಕುರಿತು ಮಾಹಿತಿ ನೀಡಿದರು. ಶಿಕ್ಷಕರು, ವಿದ್ಯಾರ್ಥಿಗಳು ಉಪಸ್ಥಿತರಿದ್ದರು. ವಿದ್ಯಾರ್ಥಿನಿ ಪ್ರಾರ್ಥಿಸಿದರು. ಶಿಕ್ಷಕ ಸ್ವಾಗತಿಸಿ, ಶಿಕ್ಷಕಿ ವಂದಿಸಿದರು. ವಿದ್ಯಾರ್ಥಿನಿ ಕಾರ್ಯಕ್ರಮ ನಿರೂಪಿಸಿದರು.
ವಿದ್ಯಾರ್ಥಿಗಳಲ್ಲಿ ಸಂಸ್ಕಾರ, ಚಿಂತನೆಯನ್ನು ಬೆಳೆಸಲು, ವ್ಯಕ್ತಿತ್ವ ವಿಕಸನಕ್ಕೆ, ಸಂಸ್ಕೃತಿಯ ಅರಿವು ಮೂಡಿಸುವ ದೃಷ್ಟಿಯಿಂದ ವಿವಿಧ ವಿಷಯಗಳ ಕುರಿತು ಪ್ರೇರಣಾ ಶಿಬಿರ ಹಮ್ಮಿಕೊಳ್ಳಲಾಗಿದೆ ಎಂದು ಶಿಬಿರ ಸಂಯೋಜಕರು ಹೇಳಿದರು. ಶ್ರೀ ಧರ್ಮಸ್ಥಳ ಮಂಜುನಾಥೇಶ್ವರ ಪ್ರೌಢ ಶಾಲೆಯಲ್ಲಿ 2024-2025ನೇ ಶೈಕ್ಷಣಿಕ ವರ್ಷದ ಪ್ರೇರಣಾ ಶಿಬಿರ ಉದ್ಘಾಟಿಸಿ ಅವರು ಮಾತನಾಡಿದರು. ಶಾಲೆಯ ಮುಖ್ಯೋಪಾಧ್ಯಾಯರು ಅಧ್ಯಕ್ಷತೆ ವಹಿಸಿದ್ದರು. ಸಂಪನ್ಮೂಲ ವ್ಯಕ್ತಿಗಳು ವಿವಿಧ ವಿಷಯಗಳ ಕುರಿತು ಮಾಹಿತಿ ನೀಡಿದರು. ಶಿಕ್ಷಕರು, ವಿದ್ಯಾರ್ಥಿಗಳು ಉಪಸ್ಥಿತರಿದ್ದರು. ವಿದ್ಯಾರ್ಥಿನಿ ಪ್ರಾರ್ಥಿಸಿದರು. ಶಿಕ್ಷಕ ಸ್ವಾಗತಿಸಿ, ಶಿಕ್ಷಕಿ ವಂದಿಸಿದರು. ವಿದ್ಯಾರ್ಥಿನಿ ಕಾರ್ಯಕ್ರಮ ನಿರೂಪಿಸಿದರು.
